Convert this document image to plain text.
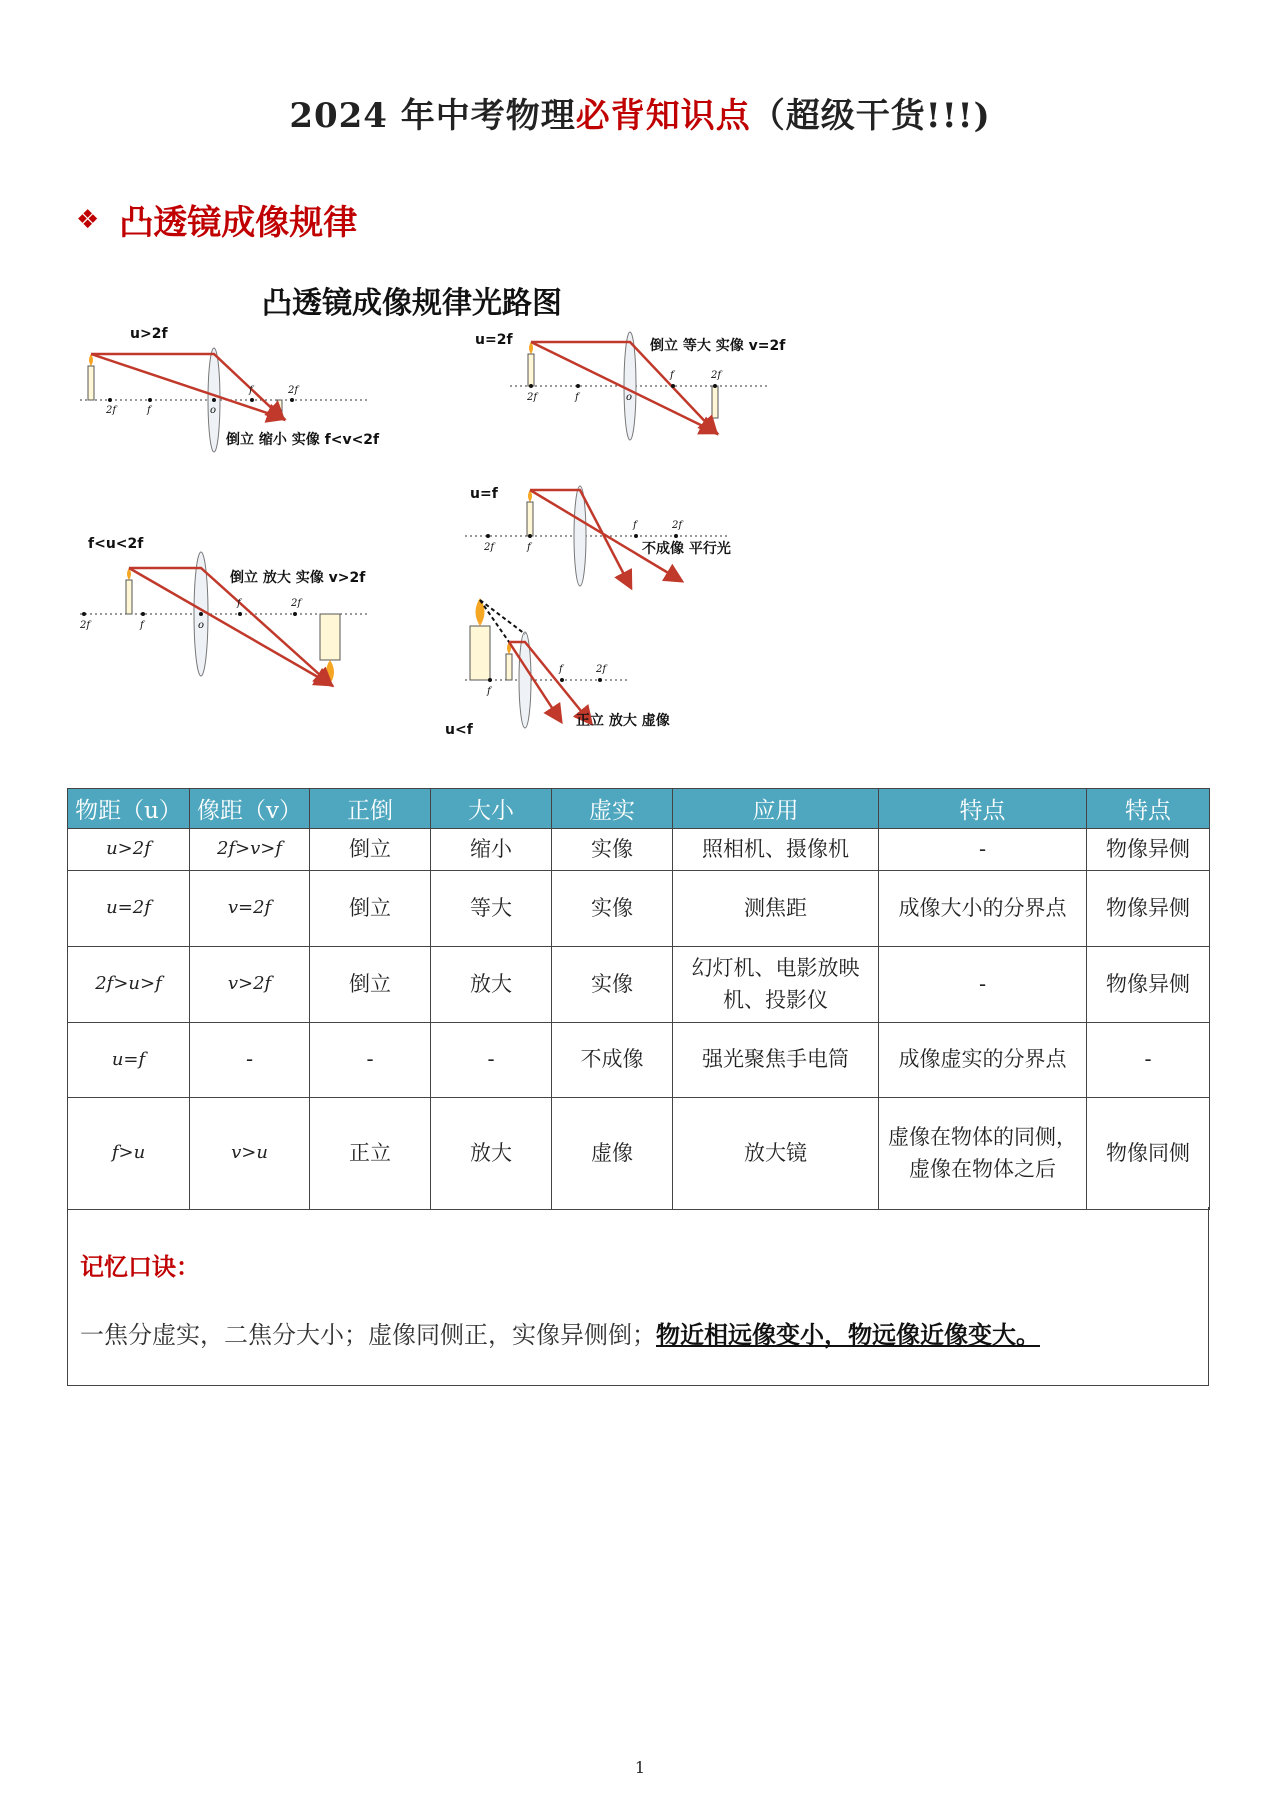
2024 年中考物理必背知识点（超级干货!!!)
❖ 凸透镜成像规律
凸透镜成像规律光路图
u>2f
2f	f	o
f	2f
倒立 缩小 实像 f<v<2f
u=2f
2f	f	o
f	2f
倒立 等大 实像 v=2f
u=f
2f	f
f	2f
不成像 平行光
f<u<2f
2f	f	o
f	2f
倒立 放大 实像 v>2f
f
f	2f
u<f
正立 放大 虚像
物距（u）	像距（v）	正倒	大小	虚实	应用	特点	特点
u>2f	2f>v>f	倒立	缩小	实像	照相机、摄像机	-	物像异侧
u=2f	v=2f	倒立	等大	实像	测焦距	成像大小的分界点	物像异侧
2f>u>f	v>2f	倒立	放大	实像	幻灯机、电影放映机、投影仪	-	物像异侧
u=f	-	-	-	不成像	强光聚焦手电筒	成像虚实的分界点	-
f>u	v>u	正立	放大	虚像	放大镜	虚像在物体的同侧，虚像在物体之后	物像同侧
记忆口诀：
一焦分虚实，二焦分大小；虚像同侧正，实像异侧倒；物近相远像变小，物远像近像变大。
1
